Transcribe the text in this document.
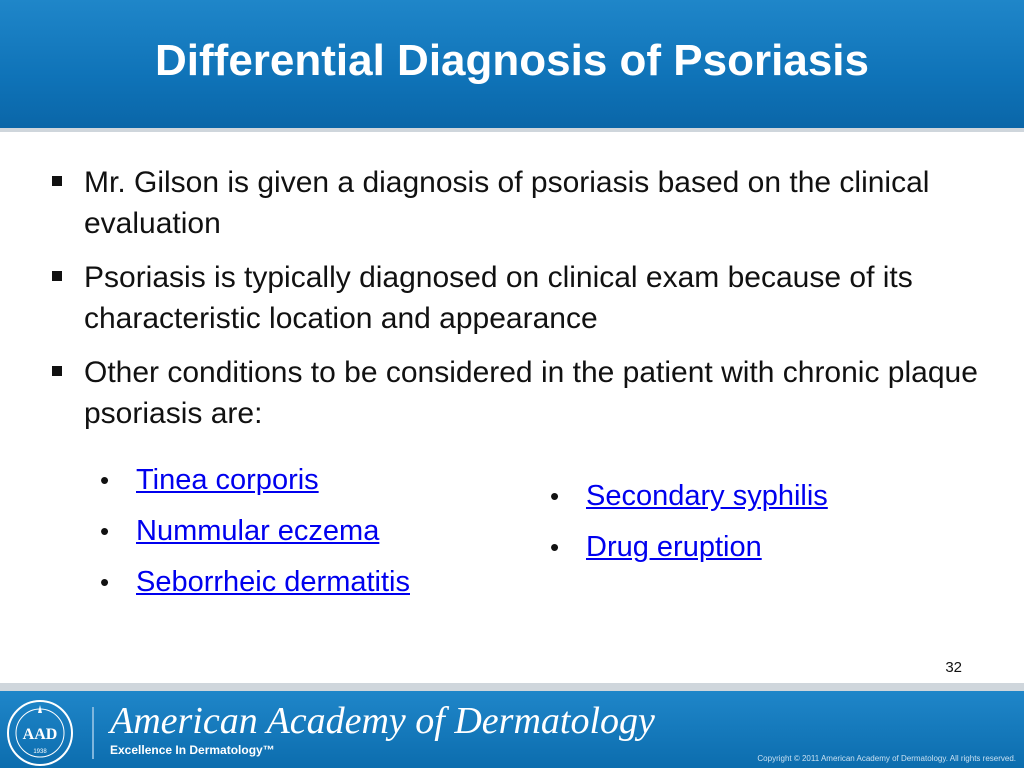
Differential Diagnosis of Psoriasis
Mr. Gilson is given a diagnosis of psoriasis based on the clinical evaluation
Psoriasis is typically diagnosed on clinical exam because of its characteristic location and appearance
Other conditions to be considered in the patient with chronic plaque psoriasis are:
• Tinea corporis
• Nummular eczema
• Seborrheic dermatitis
• Secondary syphilis
• Drug eruption
32
AAD
1938
American Academy of Dermatology
Excellence In Dermatology™
Copyright © 2011 American Academy of Dermatology. All rights reserved.
